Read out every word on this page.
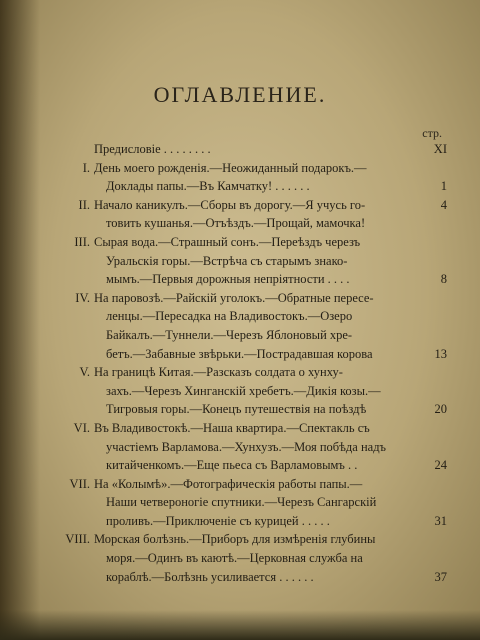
ОГЛАВЛЕНИЕ.
стр.
Предисловіе . . . . . . . .	XI
I. День моего рожденія.—Неожиданный подарокъ.—
Доклады папы.—Въ Камчатку! . . . . . .	1
II. Начало каникулъ.—Сборы въ дорогу.—Я учусь го-	4
товить кушанья.—Отъѣздъ.—Прощай, мамочка!
III. Сырая вода.—Страшный сонъ.—Переѣздъ черезъ
Уральскія горы.—Встрѣча съ старымъ знако-
мымъ.—Первыя дорожныя непріятности . . . .	8
IV. На паровозѣ.—Райскій уголокъ.—Обратные пересе-
ленцы.—Пересадка на Владивостокъ.—Озеро
Байкалъ.—Туннели.—Черезъ Яблоновый хре-
бетъ.—Забавные звѣрьки.—Пострадавшая корова	13
V. На границѣ Китая.—Разсказъ солдата о хунху-
захъ.—Черезъ Хинганскій хребетъ.—Дикія козы.—
Тигровыя горы.—Конецъ путешествія на поѣздѣ	20
VI. Въ Владивостокѣ.—Наша квартира.—Спектакль съ
участіемъ Варламова.—Хунхузъ.—Моя побѣда надъ
китайченкомъ.—Еще пьеса съ Варламовымъ . .	24
VII. На «Колымѣ».—Фотографическія работы папы.—
Наши четвероногіе спутники.—Черезъ Сангарскій
проливъ.—Приключеніе съ курицей . . . . .	31
VIII. Морская болѣзнь.—Приборъ для измѣренія глубины
моря.—Одинъ въ каютѣ.—Церковная служба на
кораблѣ.—Болѣзнь усиливается . . . . . .	37
